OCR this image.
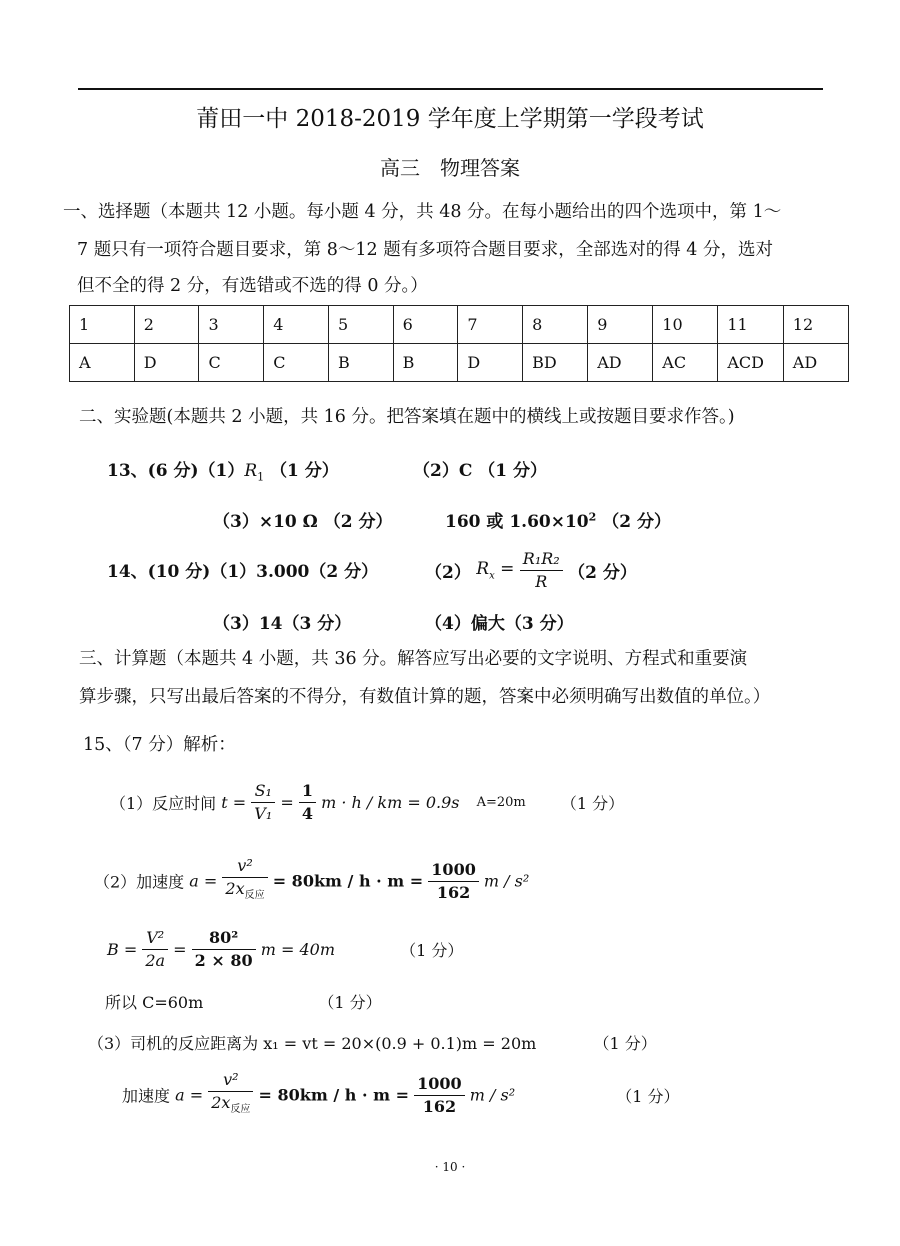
莆田一中 2018-2019 学年度上学期第一学段考试
高三　物理答案
一、选择题（本题共 12 小题。每小题 4 分，共 48 分。在每小题给出的四个选项中，第 1～
7 题只有一项符合题目要求，第 8～12 题有多项符合题目要求，全部选对的得 4 分，选对
但不全的得 2 分，有选错或不选的得 0 分。）
1	2	3	4	5	6	7	8	9	10	11	12
A	D	C	C	B	B	D	BD	AD	AC	ACD	AD
二、实验题(本题共 2 小题，共 16 分。把答案填在题中的横线上或按题目要求作答。)
13、(6 分)$(1)R_1$ （1 分）	（2）C （1 分）
（3）×10 Ω （2 分）	160 或 $1.60\times 10^2$ （2 分）
14、(10 分)（1）3.000（2 分）	（2） $R_x = \frac{\text{R₁R₂}}{R} (2$ 分）
（3）14（3 分）	（4）偏大（3 分）
三、计算题（本题共 4 小题，共 36 分。解答应写出必要的文字说明、方程式和重要演
算步骤，只写出最后答案的不得分，有数值计算的题，答案中必须明确写出数值的单位。）
15、（7 分）解析：
（1）反应时间 $t = \frac{\text{S₁}}{\text{V₁}} = \frac{1}{4}$ m · h / km = 0.9s A=20m （1 分）
（2）加速度 $a = \frac{\text{v²}}{2x_{反应}} = 80km / h \cdot m = \frac{1000}{162}$ m / s²
$B = \frac{\text{V²}}{2a} = \frac{\text{80²}}{2 \times 80}$ m = 40m	（1 分）
所以 C=60m	（1 分）
（3）司机的反应距离为 x₁ = vt = 20×(0.9 + 0.1)m = 20m	（1 分）
加速度 $a = \frac{\text{v²}}{2x_{反应}} = 80km / h \cdot m = \frac{1000}{162}$ m / s²	（1 分）
· 10 ·
